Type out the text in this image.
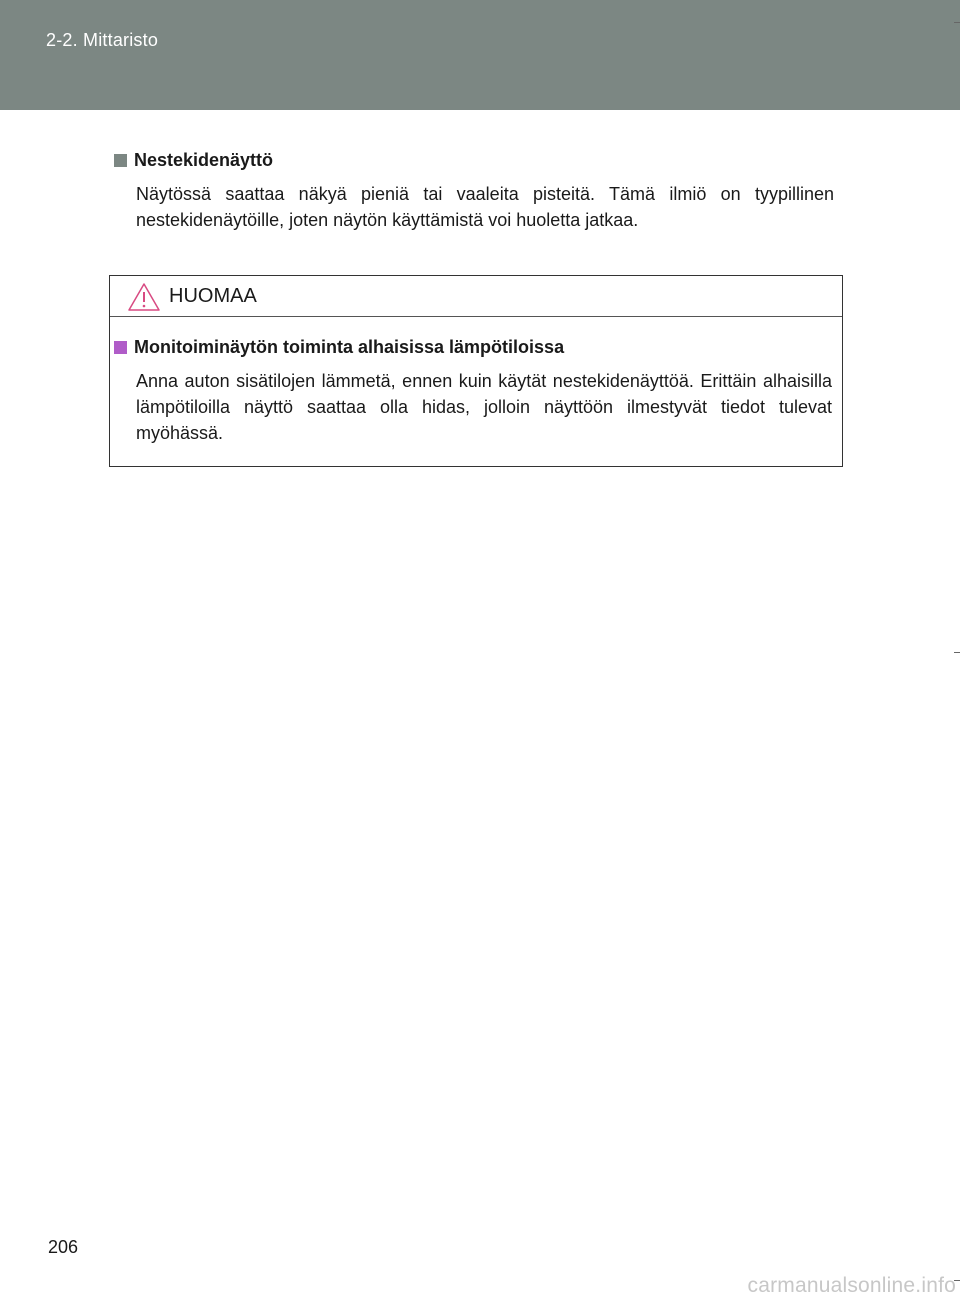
2-2. Mittaristo
Nestekidenäyttö
Näytössä saattaa näkyä pieniä tai vaaleita pisteitä. Tämä ilmiö on tyypillinen nestekidenäytöille, joten näytön käyttämistä voi huoletta jatkaa.
HUOMAA
Monitoiminäytön toiminta alhaisissa lämpötiloissa
Anna auton sisätilojen lämmetä, ennen kuin käytät nestekidenäyttöä. Erittäin alhaisilla lämpötiloilla näyttö saattaa olla hidas, jolloin näyttöön ilmestyvät tiedot tulevat myöhässä.
206
carmanualsonline.info
